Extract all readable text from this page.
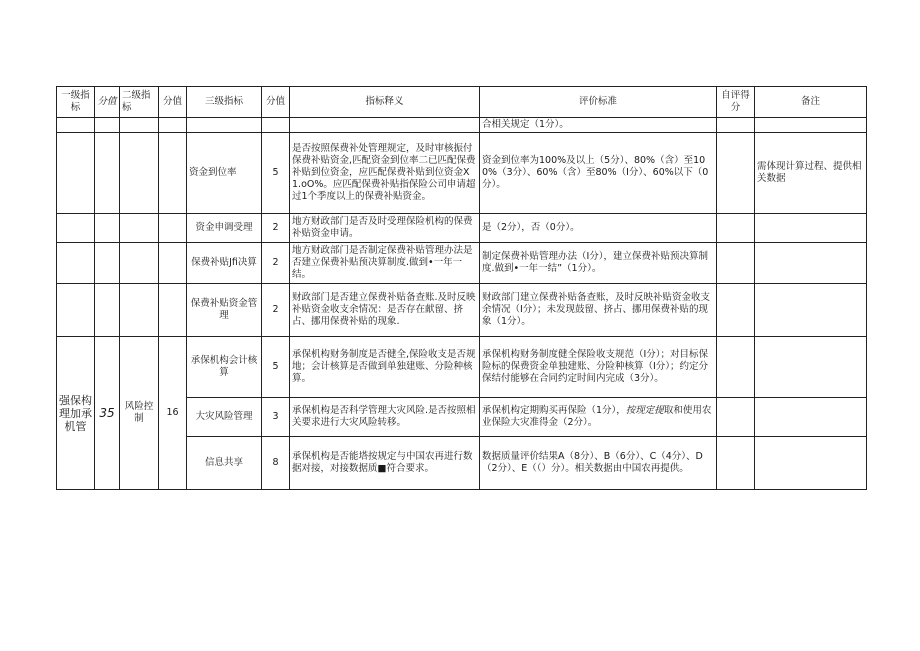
一级指标	分值	二级指标	分值	三级指标	分值	指标释义	评价标准	自评得分	备注
							合相关规定（1分）。		
				资金到位率	5	是否按照保费补处管理规定，及时审核振付保费补贴资金,匹配资金到位率二已匹配保费补贴到位资金，应匹配保费补贴到位资金X1.oO%。应匹配保费补贴指保险公司申请超过1个季度以上的保费补贴资金。	资金到位率为100%及以上（5分）、80%（含）至100%（3分）、60%（含）至80%（I分）、60%以下（0分）。		需体现计算过程、提供相关数据
				资金申调受理	2	地方财政部门是否及时受理保险机构的保费补贴资金申请。	是（2分），否（0分）。		
				保费补贴Jfi决算	2	地方财政部门是否制定保费补贴管理办法是否建立保费补贴预决算制度.做到•一年一结。	制定保费补贴管理办法（I分），建立保费补贴预决算制度.做到•一年一结”（1分）。		
				保费补贴资金管理	2	财政部门是否建立保费补贴备查账.及时反映补贴资金收支余情况：是否存在献留、挤占、挪用保费补贴的现象.	财政部门建立保费补贴备查账，及时反映补贴资金收支余情况（I分）；未发现鼓留、挤占、挪用保费补贴的现象（1分）。		
强保构理加承机管	35	风险控制	16	承保机构会计核算	5	承保机构财务制度是否健全,保险收支是否规地；会计核算是否做到单独建账、分险种核算。	承保机构财务制度健全保险收支规范（I分）；对目标保险标的保费资金单独建账、分险种核算（I分）；约定分保结付能够在合同约定时间内完成（3分）。		
				大灾风险管理	3	承保机构是否科学管理大灾风险.是否按照相关要求进行大灾风险转移。	承保机构定期购买再保险（1分），按现定提取和使用农业保险大灾准得金（2分）。		
				信息共享	8	承保机构是否能塔按规定与中国农再进行数据对接，对接数据质■符合要求。	数据质量评价结果A（8分）、B（6分）、C（4分）、D（2分）、E（（）分）。相关数据由中国农再提供。		
